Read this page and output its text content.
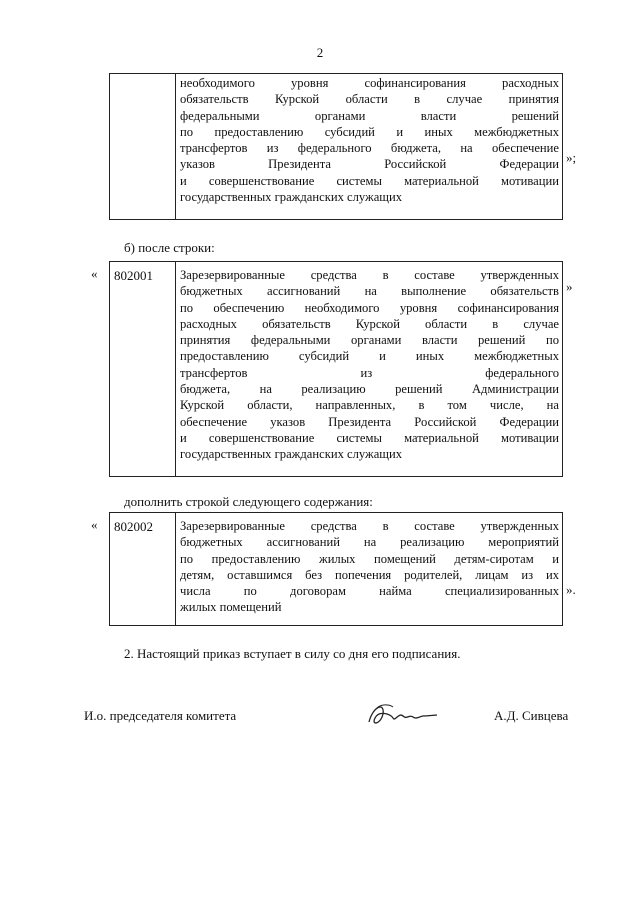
2
необходимого уровня софинансирования расходных
обязательств Курской области в случае принятия
федеральными органами власти решений
по предоставлению субсидий и иных межбюджетных
трансфертов из федерального бюджета, на обеспечение
указов Президента Российской Федерации
и совершенствование системы материальной мотивации
государственных гражданских служащих
»;
б) после строки:
«	802001	Зарезервированные средства в составе утвержденных
бюджетных ассигнований на выполнение обязательств
по обеспечению необходимого уровня софинансирования
расходных обязательств Курской области в случае
принятия федеральными органами власти решений по
предоставлению субсидий и иных межбюджетных
трансфертов из федерального
бюджета, на реализацию решений Администрации
Курской области, направленных, в том числе, на
обеспечение указов Президента Российской Федерации
и совершенствование системы материальной мотивации
государственных гражданских служащих
»
дополнить строкой следующего содержания:
«	802002	Зарезервированные средства в составе утвержденных
бюджетных ассигнований на реализацию мероприятий
по предоставлению жилых помещений детям-сиротам и
детям, оставшимся без попечения родителей, лицам из их
числа по договорам найма специализированных
жилых помещений
».
2. Настоящий приказ вступает в силу со дня его подписания.
И.о. председателя комитета	А.Д. Сивцева
